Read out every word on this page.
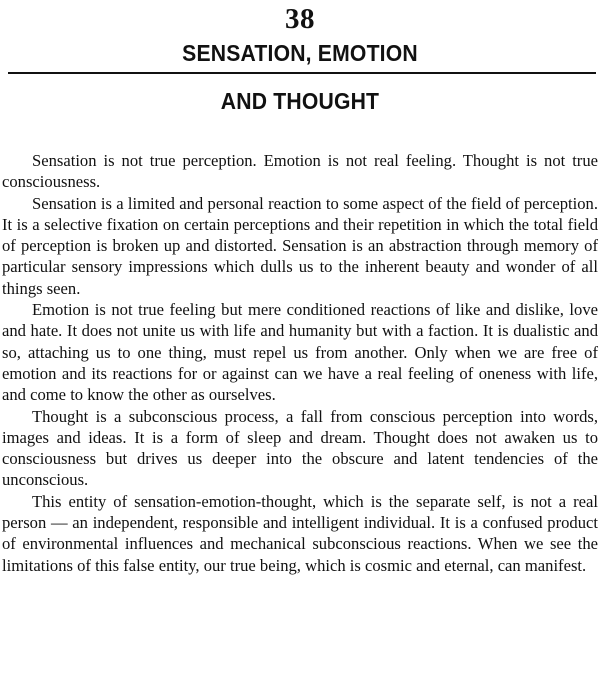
38
SENSATION, EMOTION
AND THOUGHT

Sensation is not true perception. Emotion is not real feeling. Thought is not true consciousness.

Sensation is a limited and personal reaction to some aspect of the field of perception. It is a selective fixation on certain perceptions and their repetition in which the total field of perception is broken up and distorted. Sensation is an abstraction through memory of particular sensory impressions which dulls us to the inherent beauty and wonder of all things seen.

Emotion is not true feeling but mere conditioned reactions of like and dislike, love and hate. It does not unite us with life and humanity but with a faction. It is dualistic and so, attaching us to one thing, must repel us from another. Only when we are free of emotion and its reactions for or against can we have a real feeling of oneness with life, and come to know the other as ourselves.

Thought is a subconscious process, a fall from conscious perception into words, images and ideas. It is a form of sleep and dream. Thought does not awaken us to consciousness but drives us deeper into the obscure and latent tendencies of the unconscious.

This entity of sensation-emotion-thought, which is the separate self, is not a real person — an independent, responsible and intelligent individual. It is a confused product of environmental influences and mechanical subconscious reactions. When we see the limitations of this false entity, our true being, which is cosmic and eternal, can manifest.
